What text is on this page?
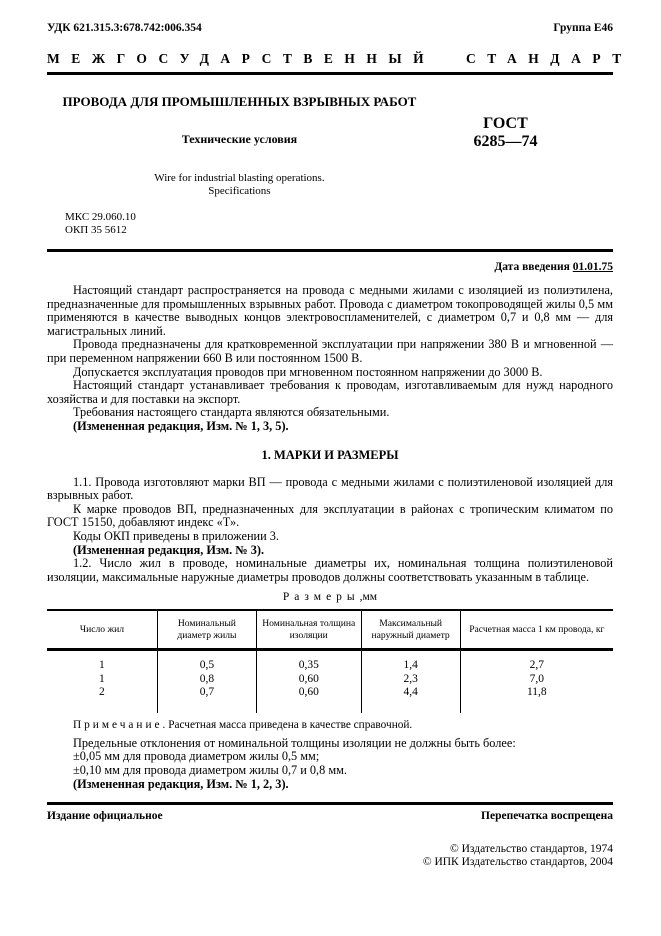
УДК 621.315.3:678.742:006.354	Группа Е46
МЕЖГОСУДАРСТВЕННЫЙ СТАНДАРТ
ПРОВОДА ДЛЯ ПРОМЫШЛЕННЫХ ВЗРЫВНЫХ РАБОТ
Технические условия
Wire for industrial blasting operations.
Specifications
МКС 29.060.10
ОКП 35 5612
ГОСТ
6285—74
Дата введения 01.01.75

Настоящий стандарт распространяется на провода с медными жилами с изоляцией из полиэтилена, предназначенные для промышленных взрывных работ. Провода с диаметром токопроводящей жилы 0,5 мм применяются в качестве выводных концов электровоспламенителей, с диаметром 0,7 и 0,8 мм — для магистральных линий.

Провода предназначены для кратковременной эксплуатации при напряжении 380 В и мгновенной — при переменном напряжении 660 В или постоянном 1500 В.

Допускается эксплуатация проводов при мгновенном постоянном напряжении до 3000 В.

Настоящий стандарт устанавливает требования к проводам, изготавливаемым для нужд народного хозяйства и для поставки на экспорт.

Требования настоящего стандарта являются обязательными.

(Измененная редакция, Изм. № 1, 3, 5).

1. МАРКИ И РАЗМЕРЫ

1.1. Провода изготовляют марки ВП — провода с медными жилами с полиэтиленовой изоляцией для взрывных работ.

К марке проводов ВП, предназначенных для эксплуатации в районах с тропическим климатом по ГОСТ 15150, добавляют индекс «Т».

Коды ОКП приведены в приложении 3.

(Измененная редакция, Изм. № 3).

1.2. Число жил в проводе, номинальные диаметры их, номинальная толщина полиэтиленовой изоляции, максимальные наружные диаметры проводов должны соответствовать указанным в таблице.

Размеры,мм
Число жил	Номинальный диаметр жилы	Номинальная толщина изоляции	Максимальный наружный диаметр	Расчетная масса 1 км провода, кг
1	0,5	0,35	1,4	2,7
1	0,8	0,60	2,3	7,0
2	0,7	0,60	4,4	11,8
Примечание. Расчетная масса приведена в качестве справочной.

Предельные отклонения от номинальной толщины изоляции не должны быть более:

±0,05 мм для провода диаметром жилы 0,5 мм;

±0,10 мм для провода диаметром жилы 0,7 и 0,8 мм.

(Измененная редакция, Изм. № 1, 2, 3).

Издание официальное	Перепечатка воспрещена
© Издательство стандартов, 1974
© ИПК Издательство стандартов, 2004
